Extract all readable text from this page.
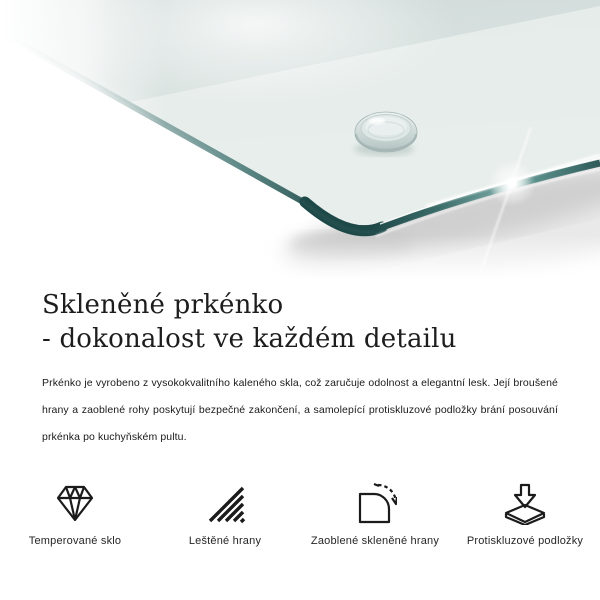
Skleněné prkénko
- dokonalost ve každém detailu
Prkénko je vyrobeno z vysokokvalitního kaleného skla, což zaručuje odolnost a elegantní lesk. Její broušené
hrany a zaoblené rohy poskytují bezpečné zakončení, a samolepící protiskluzové podložky brání posouvání
prkénka po kuchyňském pultu.
Temperované sklo	Leštěné hrany	Zaoblené skleněné hrany	Protiskluzové podložky
